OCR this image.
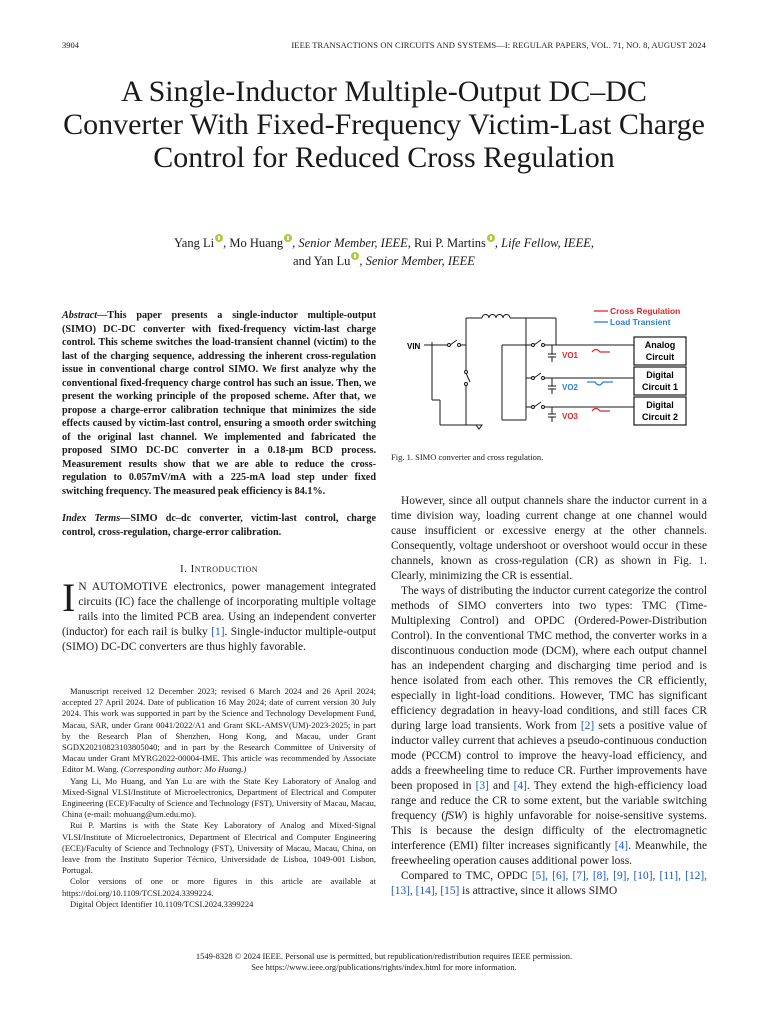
3904	IEEE TRANSACTIONS ON CIRCUITS AND SYSTEMS—I: REGULAR PAPERS, VOL. 71, NO. 8, AUGUST 2024
A Single-Inductor Multiple-Output DC–DC Converter With Fixed-Frequency Victim-Last Charge Control for Reduced Cross Regulation
Yang Li , Mo Huang , Senior Member, IEEE, Rui P. Martins , Life Fellow, IEEE,
and Yan Lu , Senior Member, IEEE
Abstract—This paper presents a single-inductor multiple-output (SIMO) DC-DC converter with fixed-frequency victim-last charge control. This scheme switches the load-transient channel (victim) to the last of the charging sequence, addressing the inherent cross-regulation issue in conventional charge control SIMO. We first analyze why the conventional fixed-frequency charge control has such an issue. Then, we present the working principle of the proposed scheme. After that, we propose a charge-error calibration technique that minimizes the side effects caused by victim-last control, ensuring a smooth order switching of the original last channel. We implemented and fabricated the proposed SIMO DC-DC converter in a 0.18-μm BCD process. Measurement results show that we are able to reduce the cross-regulation to 0.057mV/mA with a 225-mA load step under fixed switching frequency. The measured peak efficiency is 84.1%.
Index Terms—SIMO dc–dc converter, victim-last control, charge control, cross-regulation, charge-error calibration.
I. Introduction
I N AUTOMOTIVE electronics, power management integrated circuits (IC) face the challenge of incorporating multiple voltage rails into the limited PCB area. Using an independent converter (inductor) for each rail is bulky [1]. Single-inductor multiple-output (SIMO) DC-DC converters are thus highly favorable.

Manuscript received 12 December 2023; revised 6 March 2024 and 26 April 2024; accepted 27 April 2024. Date of publication 16 May 2024; date of current version 30 July 2024. This work was supported in part by the Science and Technology Development Fund, Macau, SAR, under Grant 0041/2022/A1 and Grant SKL-AMSV(UM)-2023-2025; in part by the Research Plan of Shenzhen, Hong Kong, and Macau, under Grant SGDX2021082310380504​0; and in part by the Research Committee of University of Macau under Grant MYRG2022-00004-IME. This article was recommended by Associate Editor M. Wang. (Corresponding author: Mo Huang.)

Yang Li, Mo Huang, and Yan Lu are with the State Key Laboratory of Analog and Mixed-Signal VLSI/Institute of Microelectronics, Department of Electrical and Computer Engineering (ECE)/Faculty of Science and Technology (FST), University of Macau, Macau, China (e-mail: mohuang@um.edu.mo).

Rui P. Martins is with the State Key Laboratory of Analog and Mixed-Signal VLSI/Institute of Microelectronics, Department of Electrical and Computer Engineering (ECE)/Faculty of Science and Technology (FST), University of Macau, Macau, China, on leave from the Instituto Superior Técnico, Universidade de Lisboa, 1049-001 Lisbon, Portugal.

Color versions of one or more figures in this article are available at https://doi.org/10.1109/TCSI.2024.3399224.

Digital Object Identifier 10.1109/TCSI.2024.3399224

Cross Regulation
Load Transient
VIN
VO1
VO2
VO3
Analog
Circuit
Digital
Circuit 1
Digital
Circuit 2
Fig. 1. SIMO converter and cross regulation.

However, since all output channels share the inductor current in a time division way, loading current change at one channel would cause insufficient or excessive energy at the other channels. Consequently, voltage undershoot or overshoot would occur in these channels, known as cross-regulation (CR) as shown in Fig. 1. Clearly, minimizing the CR is essential.

The ways of distributing the inductor current categorize the control methods of SIMO converters into two types: TMC (Time-Multiplexing Control) and OPDC (Ordered-Power-Distribution Control). In the conventional TMC method, the converter works in a discontinuous conduction mode (DCM), where each output channel has an independent charging and discharging time period and is hence isolated from each other. This removes the CR efficiently, especially in light-load conditions. However, TMC has significant efficiency degradation in heavy-load conditions, and still faces CR during large load transients. Work from [2] sets a positive value of inductor valley current that achieves a pseudo-continuous conduction mode (PCCM) control to improve the heavy-load efficiency, and adds a freewheeling time to reduce CR. Further improvements have been proposed in [3] and [4]. They extend the high-efficiency load range and reduce the CR to some extent, but the variable switching frequency (fSW) is highly unfavorable for noise-sensitive systems. This is because the design difficulty of the electromagnetic interference (EMI) filter increases significantly [4]. Meanwhile, the freewheeling operation causes additional power loss.

Compared to TMC, OPDC [5], [6], [7], [8], [9], [10], [11], [12], [13], [14], [15] is attractive, since it allows SIMO

1549-8328 © 2024 IEEE. Personal use is permitted, but republication/redistribution requires IEEE permission.
See https://www.ieee.org/publications/rights/index.html for more information.
